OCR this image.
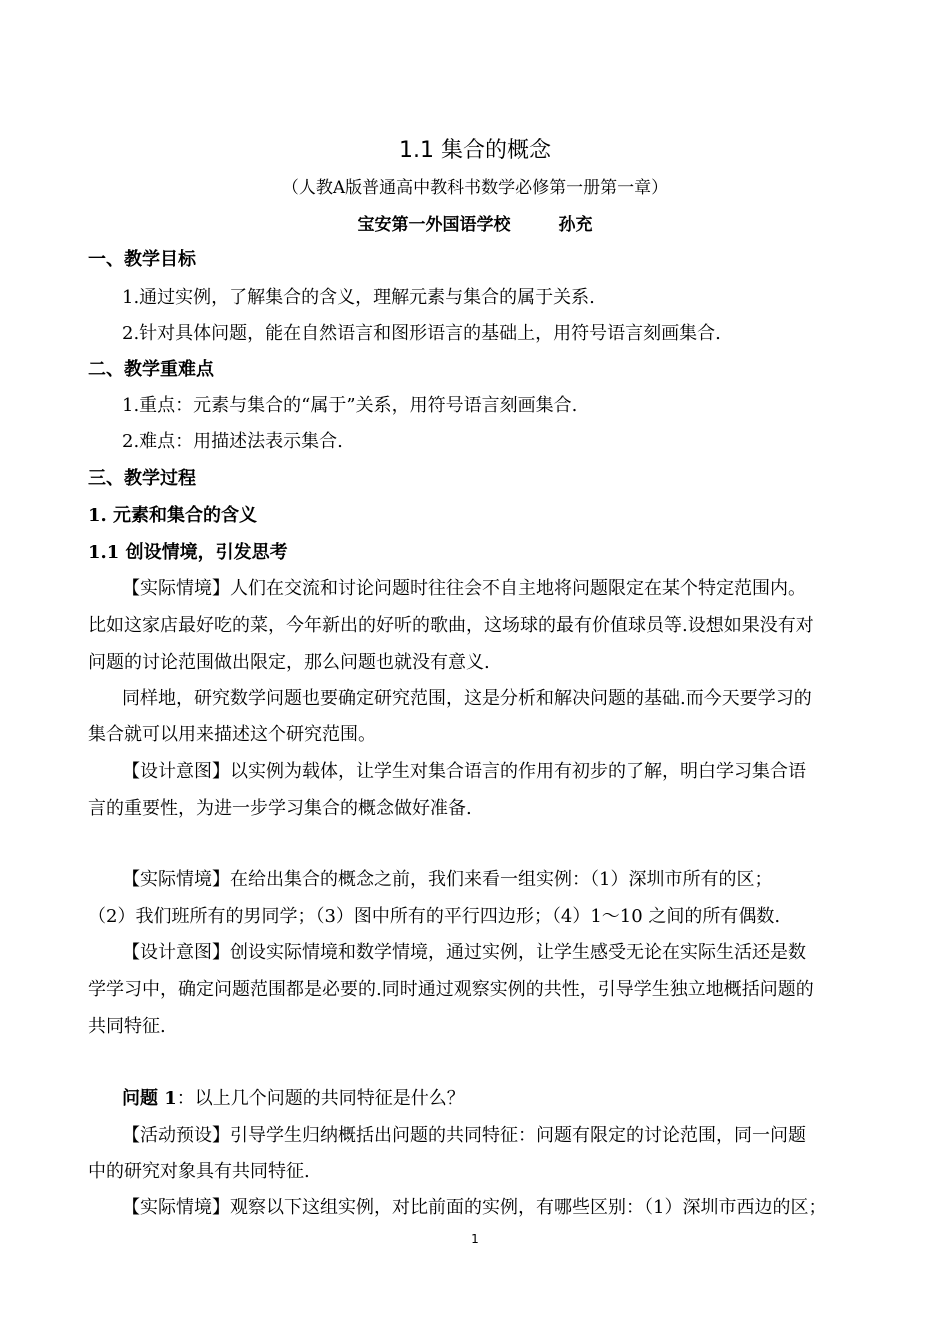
1.1 集合的概念

（人教A版普通高中教科书数学必修第一册第一章）

宝安第一外国语学校	孙充

一、教学目标

1.通过实例，了解集合的含义，理解元素与集合的属于关系.

2.针对具体问题，能在自然语言和图形语言的基础上，用符号语言刻画集合.

二、教学重难点

1.重点：元素与集合的“属于”关系，用符号语言刻画集合.

2.难点：用描述法表示集合.

三、教学过程

1. 元素和集合的含义

1.1 创设情境，引发思考

【实际情境】人们在交流和讨论问题时往往会不自主地将问题限定在某个特定范围内。

比如这家店最好吃的菜，今年新出的好听的歌曲，这场球的最有价值球员等.设想如果没有对

问题的讨论范围做出限定，那么问题也就没有意义.

同样地，研究数学问题也要确定研究范围，这是分析和解决问题的基础.而今天要学习的

集合就可以用来描述这个研究范围。

【设计意图】以实例为载体，让学生对集合语言的作用有初步的了解，明白学习集合语

言的重要性，为进一步学习集合的概念做好准备.

【实际情境】在给出集合的概念之前，我们来看一组实例：（1）深圳市所有的区；

（2）我们班所有的男同学；（3）图中所有的平行四边形；（4）1～10 之间的所有偶数.

【设计意图】创设实际情境和数学情境，通过实例，让学生感受无论在实际生活还是数

学学习中，确定问题范围都是必要的.同时通过观察实例的共性，引导学生独立地概括问题的

共同特征.

问题 1：以上几个问题的共同特征是什么？

【活动预设】引导学生归纳概括出问题的共同特征：问题有限定的讨论范围，同一问题

中的研究对象具有共同特征.

【实际情境】观察以下这组实例，对比前面的实例，有哪些区别：（1）深圳市西边的区；

1
